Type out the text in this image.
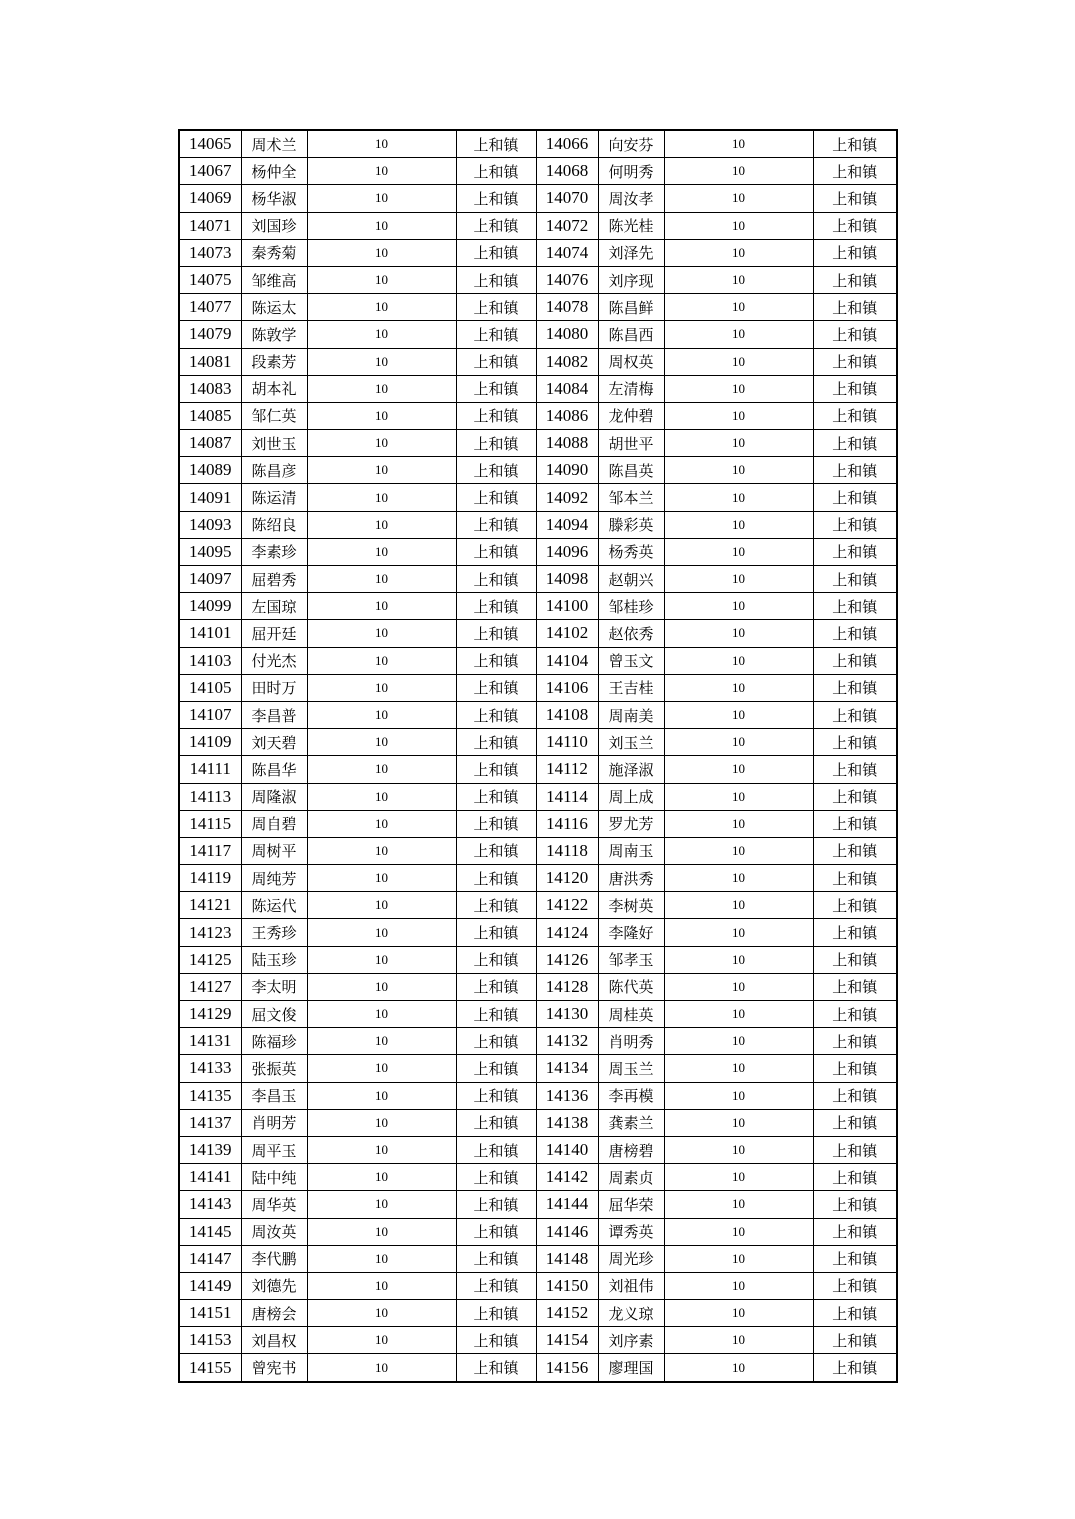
14065	周术兰	10	上和镇	14066	向安芬	10	上和镇
14067	杨仲全	10	上和镇	14068	何明秀	10	上和镇
14069	杨华淑	10	上和镇	14070	周汝孝	10	上和镇
14071	刘国珍	10	上和镇	14072	陈光桂	10	上和镇
14073	秦秀菊	10	上和镇	14074	刘泽先	10	上和镇
14075	邹维高	10	上和镇	14076	刘序现	10	上和镇
14077	陈运太	10	上和镇	14078	陈昌鲜	10	上和镇
14079	陈敦学	10	上和镇	14080	陈昌西	10	上和镇
14081	段素芳	10	上和镇	14082	周权英	10	上和镇
14083	胡本礼	10	上和镇	14084	左清梅	10	上和镇
14085	邹仁英	10	上和镇	14086	龙仲碧	10	上和镇
14087	刘世玉	10	上和镇	14088	胡世平	10	上和镇
14089	陈昌彦	10	上和镇	14090	陈昌英	10	上和镇
14091	陈运清	10	上和镇	14092	邹本兰	10	上和镇
14093	陈绍良	10	上和镇	14094	滕彩英	10	上和镇
14095	李素珍	10	上和镇	14096	杨秀英	10	上和镇
14097	屈碧秀	10	上和镇	14098	赵朝兴	10	上和镇
14099	左国琼	10	上和镇	14100	邹桂珍	10	上和镇
14101	屈开廷	10	上和镇	14102	赵依秀	10	上和镇
14103	付光杰	10	上和镇	14104	曾玉文	10	上和镇
14105	田时万	10	上和镇	14106	王吉桂	10	上和镇
14107	李昌普	10	上和镇	14108	周南美	10	上和镇
14109	刘天碧	10	上和镇	14110	刘玉兰	10	上和镇
14111	陈昌华	10	上和镇	14112	施泽淑	10	上和镇
14113	周隆淑	10	上和镇	14114	周上成	10	上和镇
14115	周自碧	10	上和镇	14116	罗尤芳	10	上和镇
14117	周树平	10	上和镇	14118	周南玉	10	上和镇
14119	周纯芳	10	上和镇	14120	唐洪秀	10	上和镇
14121	陈运代	10	上和镇	14122	李树英	10	上和镇
14123	王秀珍	10	上和镇	14124	李隆好	10	上和镇
14125	陆玉珍	10	上和镇	14126	邹孝玉	10	上和镇
14127	李太明	10	上和镇	14128	陈代英	10	上和镇
14129	屈文俊	10	上和镇	14130	周桂英	10	上和镇
14131	陈福珍	10	上和镇	14132	肖明秀	10	上和镇
14133	张振英	10	上和镇	14134	周玉兰	10	上和镇
14135	李昌玉	10	上和镇	14136	李再模	10	上和镇
14137	肖明芳	10	上和镇	14138	龚素兰	10	上和镇
14139	周平玉	10	上和镇	14140	唐榜碧	10	上和镇
14141	陆中纯	10	上和镇	14142	周素贞	10	上和镇
14143	周华英	10	上和镇	14144	屈华荣	10	上和镇
14145	周汝英	10	上和镇	14146	谭秀英	10	上和镇
14147	李代鹏	10	上和镇	14148	周光珍	10	上和镇
14149	刘德先	10	上和镇	14150	刘祖伟	10	上和镇
14151	唐榜会	10	上和镇	14152	龙义琼	10	上和镇
14153	刘昌权	10	上和镇	14154	刘序素	10	上和镇
14155	曾宪书	10	上和镇	14156	廖理国	10	上和镇
